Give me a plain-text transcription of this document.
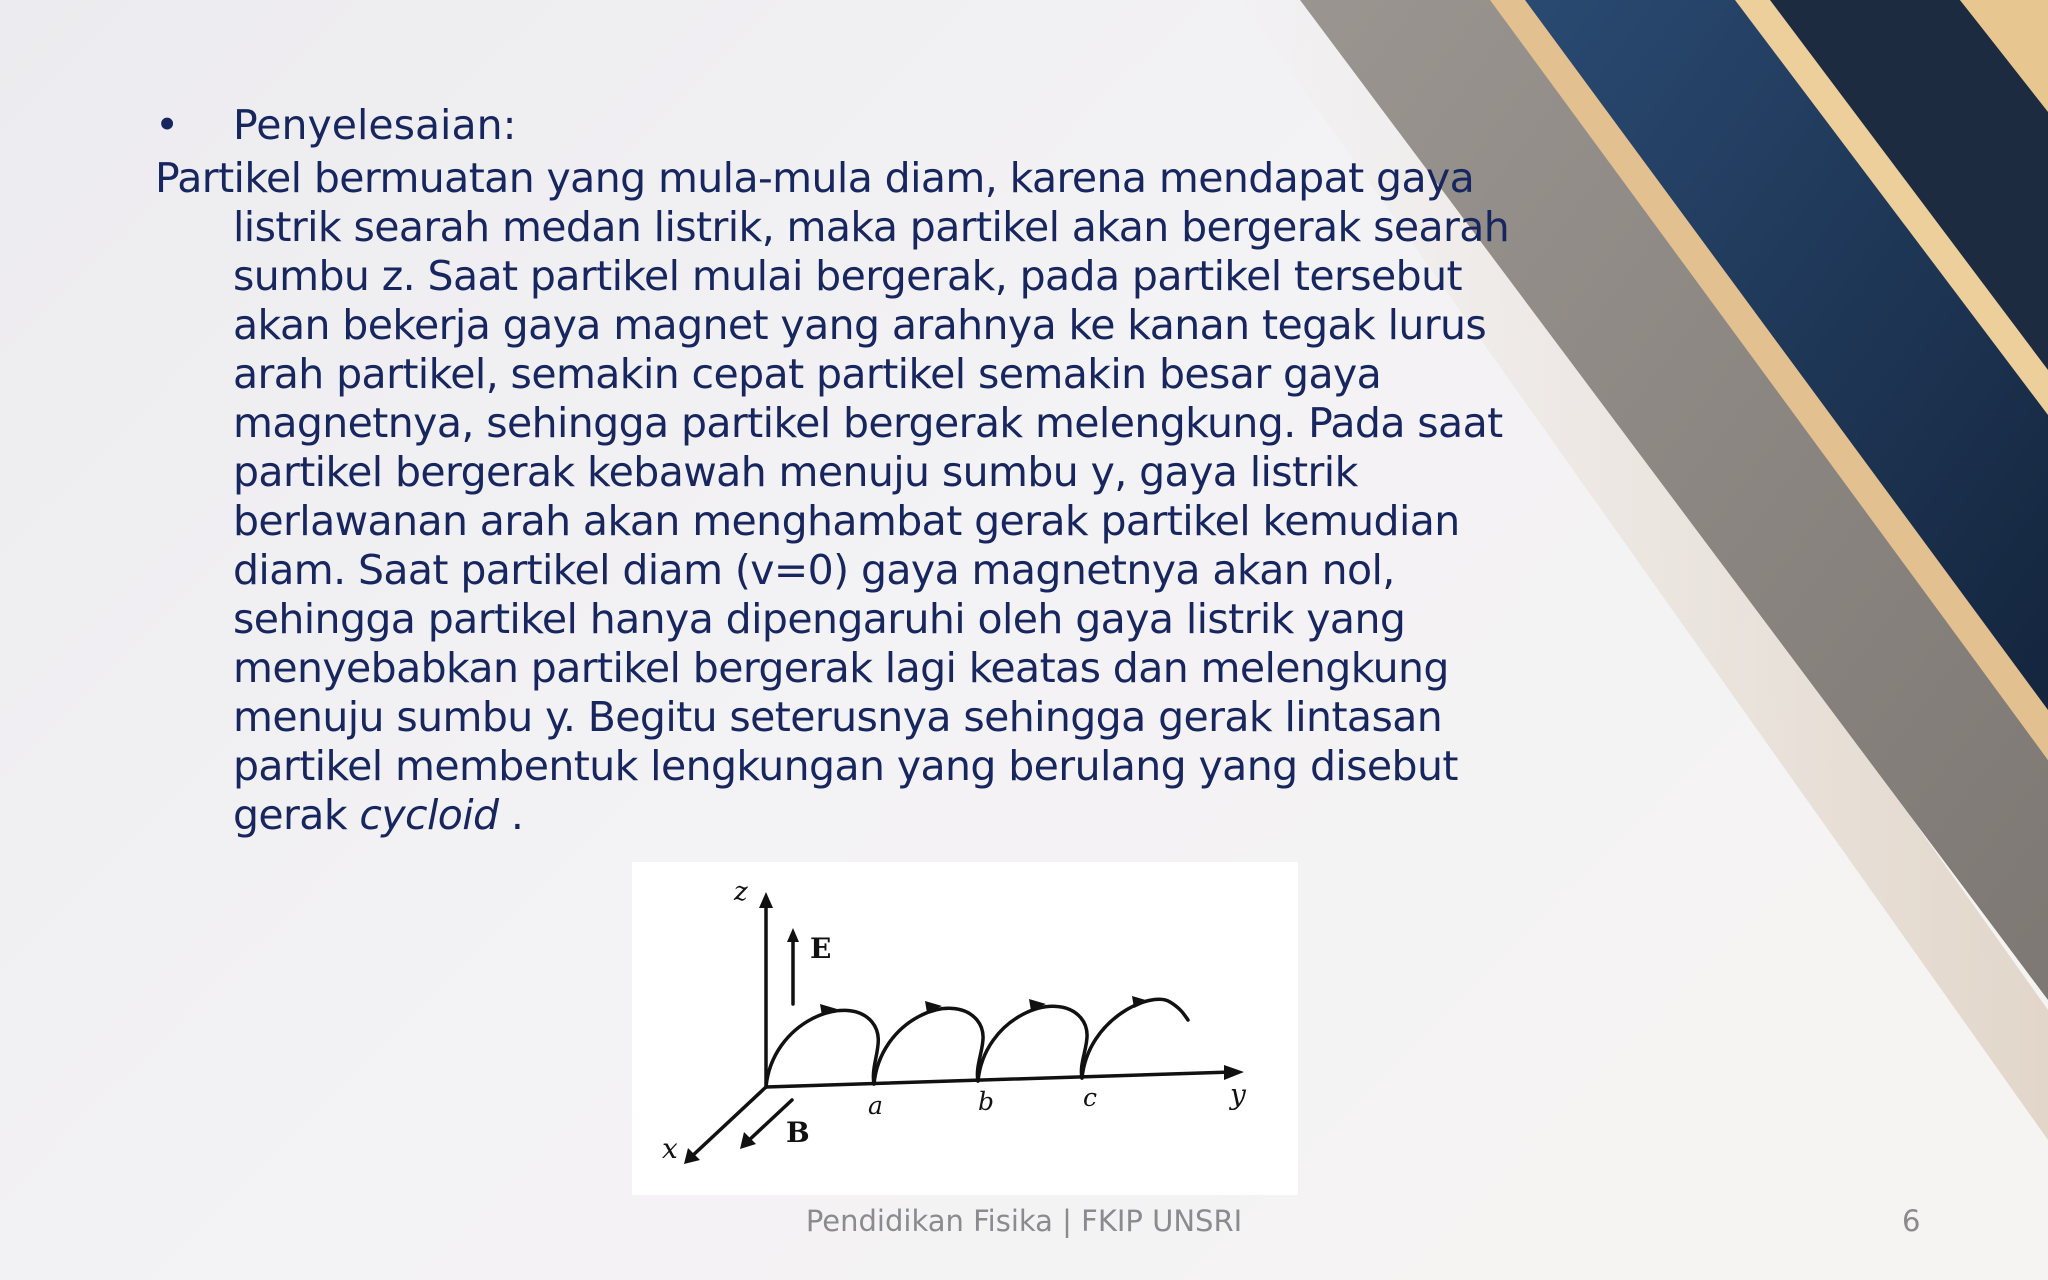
•	Penyelesaian:

Partikel bermuatan yang mula-mula diam, karena mendapat gaya listrik searah medan listrik, maka partikel akan bergerak searah sumbu z. Saat partikel mulai bergerak, pada partikel tersebut akan bekerja gaya magnet yang arahnya ke kanan tegak lurus arah partikel, semakin cepat partikel semakin besar gaya magnetnya, sehingga partikel bergerak melengkung. Pada saat partikel bergerak kebawah menuju sumbu y, gaya listrik berlawanan arah akan menghambat gerak partikel kemudian diam. Saat partikel diam (v=0) gaya magnetnya akan nol, sehingga partikel hanya dipengaruhi oleh gaya listrik yang menyebabkan partikel bergerak lagi keatas dan melengkung menuju sumbu y. Begitu seterusnya sehingga gerak lintasan partikel membentuk lengkungan yang berulang yang disebut gerak cycloid .

z
E
y
x	B
a	b	c
Pendidikan Fisika | FKIP UNSRI	6
